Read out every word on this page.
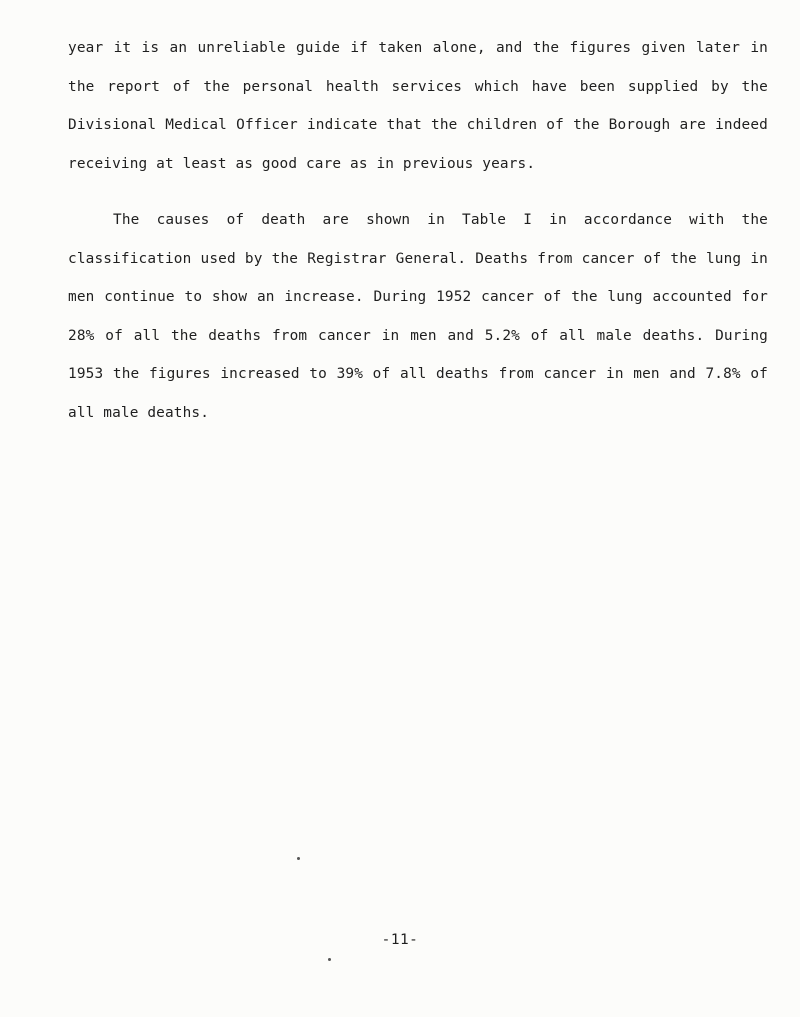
year it is an unreliable guide if taken alone, and the figures given later in the report of the personal health services which have been supplied by the Divisional Medical Officer indicate that the children of the Borough are indeed receiving at least as good care as in previous years.

The causes of death are shown in Table I in accordance with the classification used by the Registrar General. Deaths from cancer of the lung in men continue to show an increase. During 1952 cancer of the lung accounted for 28% of all the deaths from cancer in men and 5.2% of all male deaths. During 1953 the figures increased to 39% of all deaths from cancer in men and 7.8% of all male deaths.

-11-
